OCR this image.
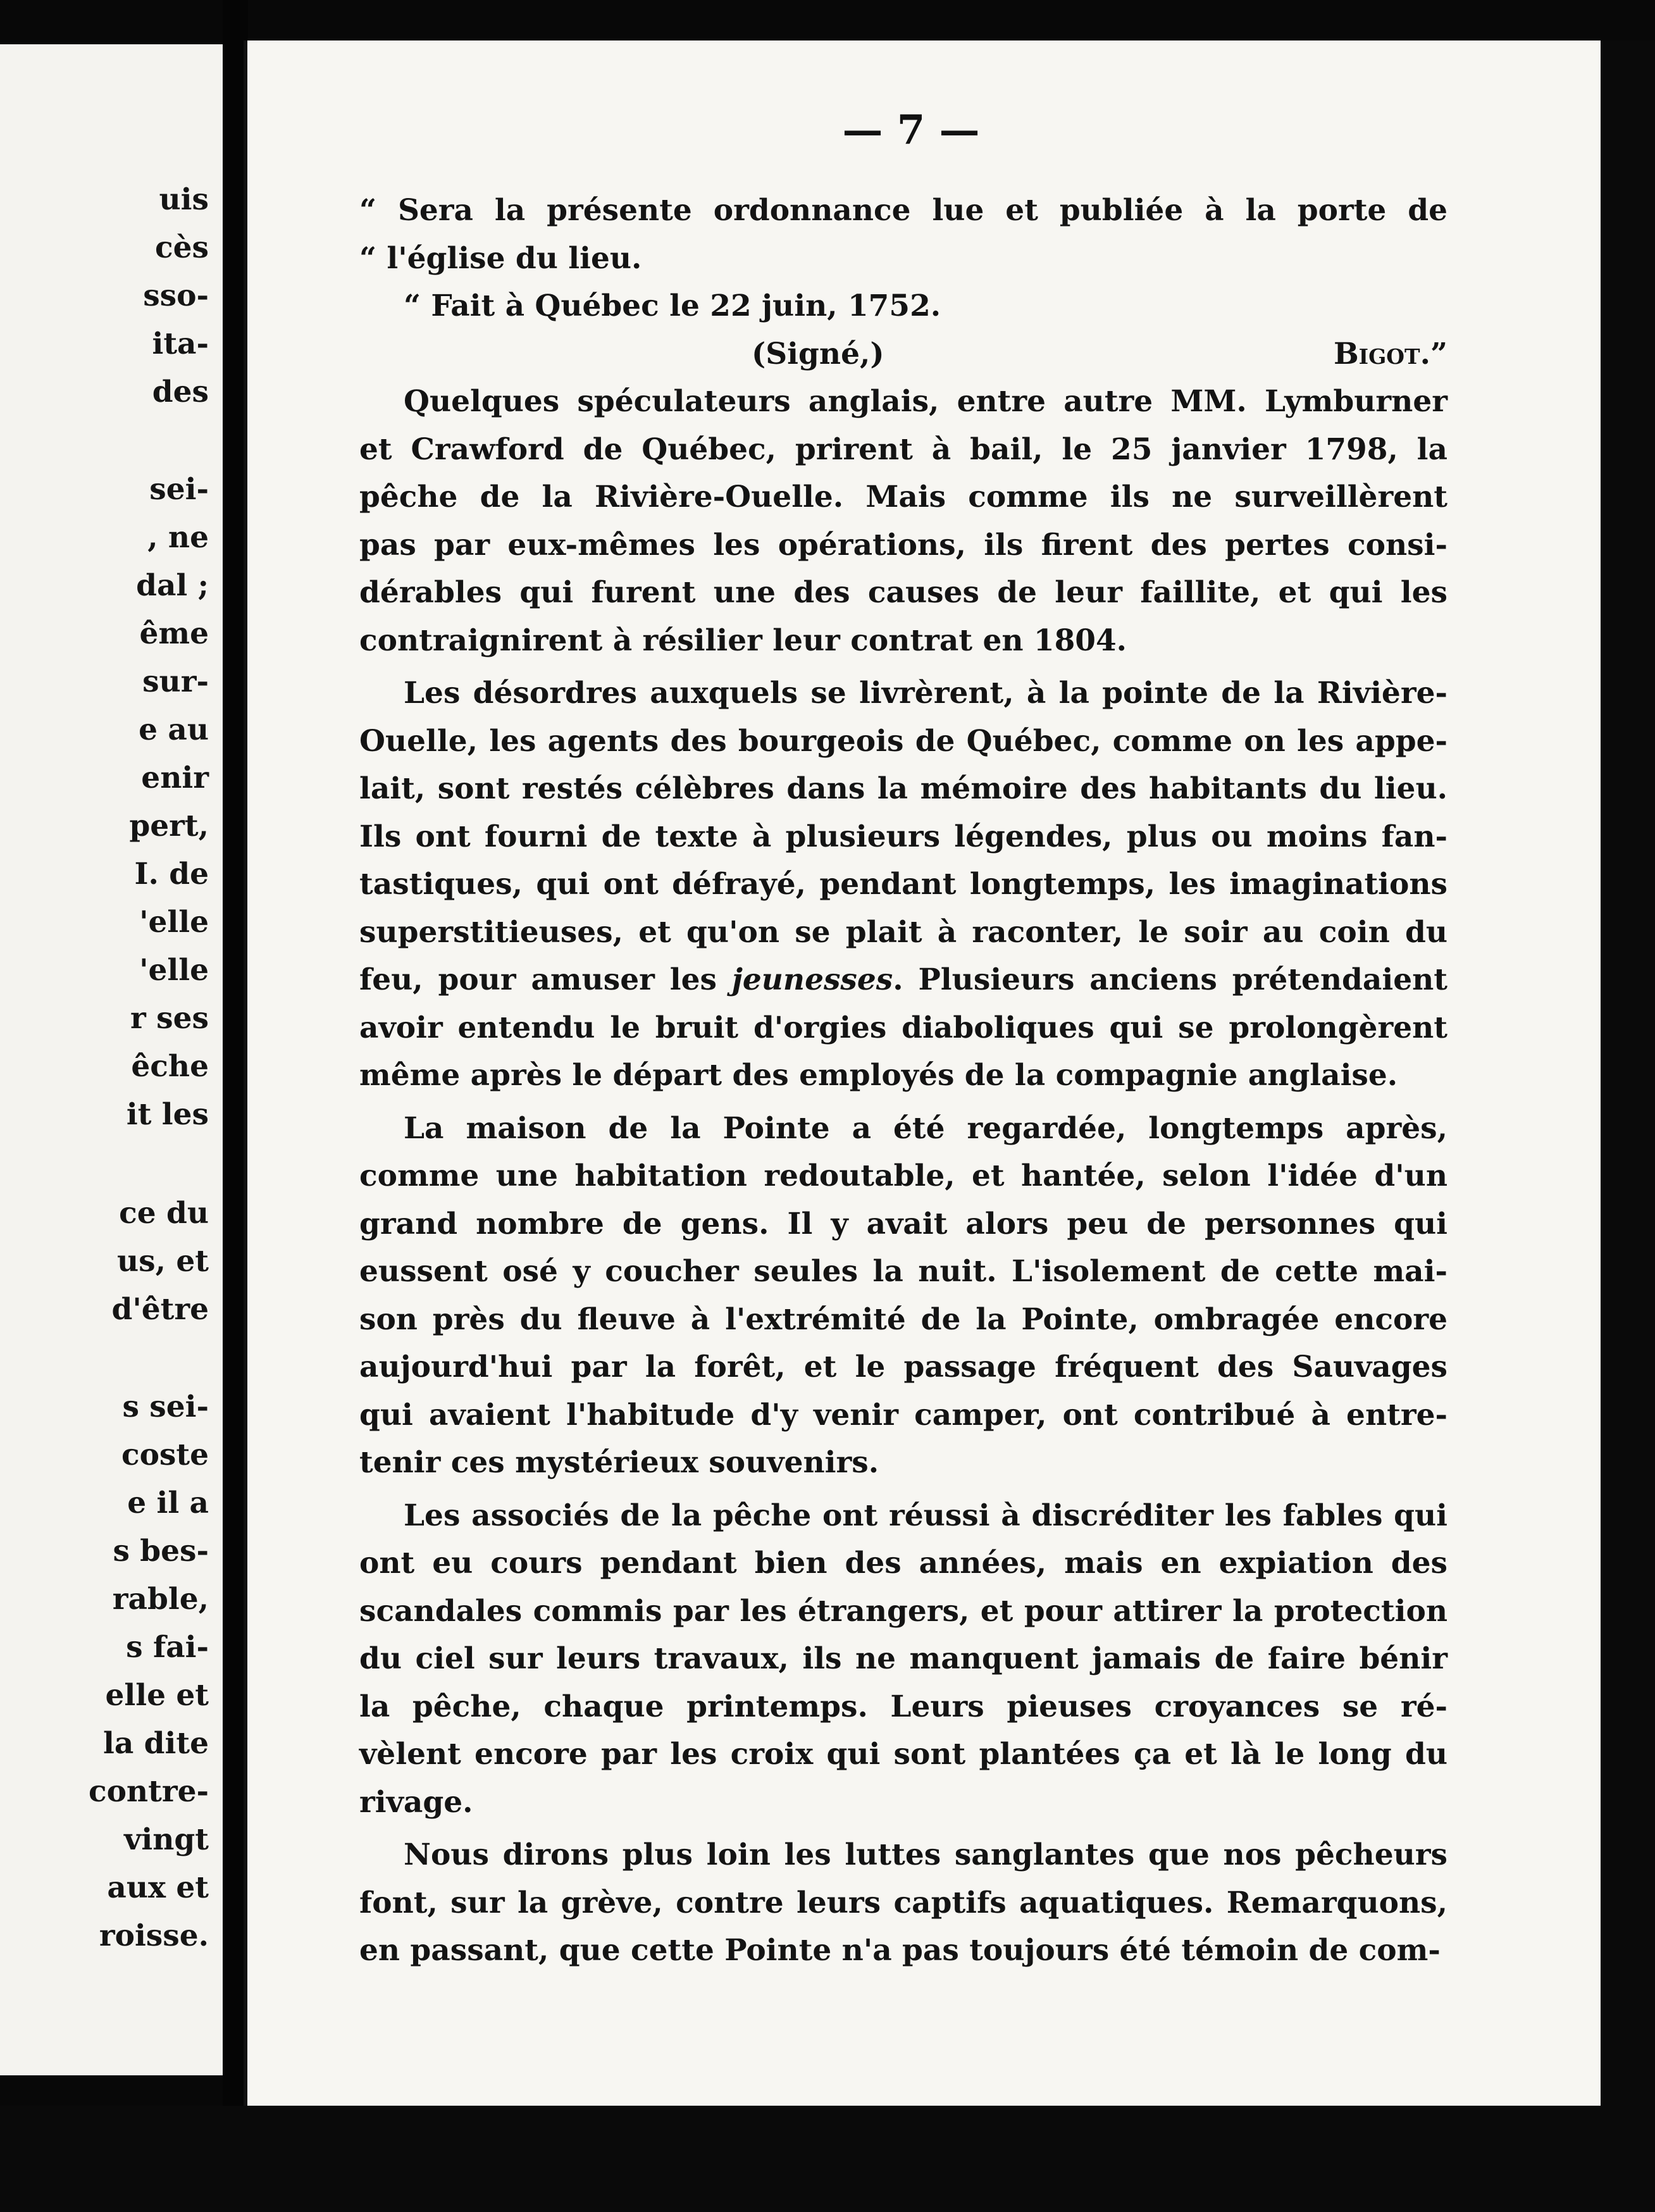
uis
cès
sso-
ita-
des
sei-
, ne
dal ;
ême
sur-
e au
enir
pert,
I. de
'elle
'elle
r ses
êche
it les
ce du
us, et
d'être
s sei-
coste
e il a
s bes-
rable,
s fai-
elle et
la dite
contre-
vingt
aux et
roisse.
— 7 —

“ Sera la présente ordonnance lue et publiée à la porte de
“ l'église du lieu.

“ Fait à Québec le 22 juin, 1752.

(Signé,)	Bigot.”

Quelques spéculateurs anglais, entre autre MM. Lymburner
et Crawford de Québec, prirent à bail, le 25 janvier 1798, la
pêche de la Rivière-Ouelle. Mais comme ils ne surveillèrent
pas par eux-mêmes les opérations, ils firent des pertes consi-
dérables qui furent une des causes de leur faillite, et qui les
contraignirent à résilier leur contrat en 1804.

Les désordres auxquels se livrèrent, à la pointe de la Rivière-
Ouelle, les agents des bourgeois de Québec, comme on les appe-
lait, sont restés célèbres dans la mémoire des habitants du lieu.
Ils ont fourni de texte à plusieurs légendes, plus ou moins fan-
tastiques, qui ont défrayé, pendant longtemps, les imaginations
superstitieuses, et qu'on se plait à raconter, le soir au coin du
feu, pour amuser les jeunesses. Plusieurs anciens prétendaient
avoir entendu le bruit d'orgies diaboliques qui se prolongèrent
même après le départ des employés de la compagnie anglaise.

La maison de la Pointe a été regardée, longtemps après,
comme une habitation redoutable, et hantée, selon l'idée d'un
grand nombre de gens. Il y avait alors peu de personnes qui
eussent osé y coucher seules la nuit. L'isolement de cette mai-
son près du fleuve à l'extrémité de la Pointe, ombragée encore
aujourd'hui par la forêt, et le passage fréquent des Sauvages
qui avaient l'habitude d'y venir camper, ont contribué à entre-
tenir ces mystérieux souvenirs.

Les associés de la pêche ont réussi à discréditer les fables qui
ont eu cours pendant bien des années, mais en expiation des
scandales commis par les étrangers, et pour attirer la protection
du ciel sur leurs travaux, ils ne manquent jamais de faire bénir
la pêche, chaque printemps. Leurs pieuses croyances se ré-
vèlent encore par les croix qui sont plantées ça et là le long du
rivage.

Nous dirons plus loin les luttes sanglantes que nos pêcheurs
font, sur la grève, contre leurs captifs aquatiques. Remarquons,
en passant, que cette Pointe n'a pas toujours été témoin de com-
